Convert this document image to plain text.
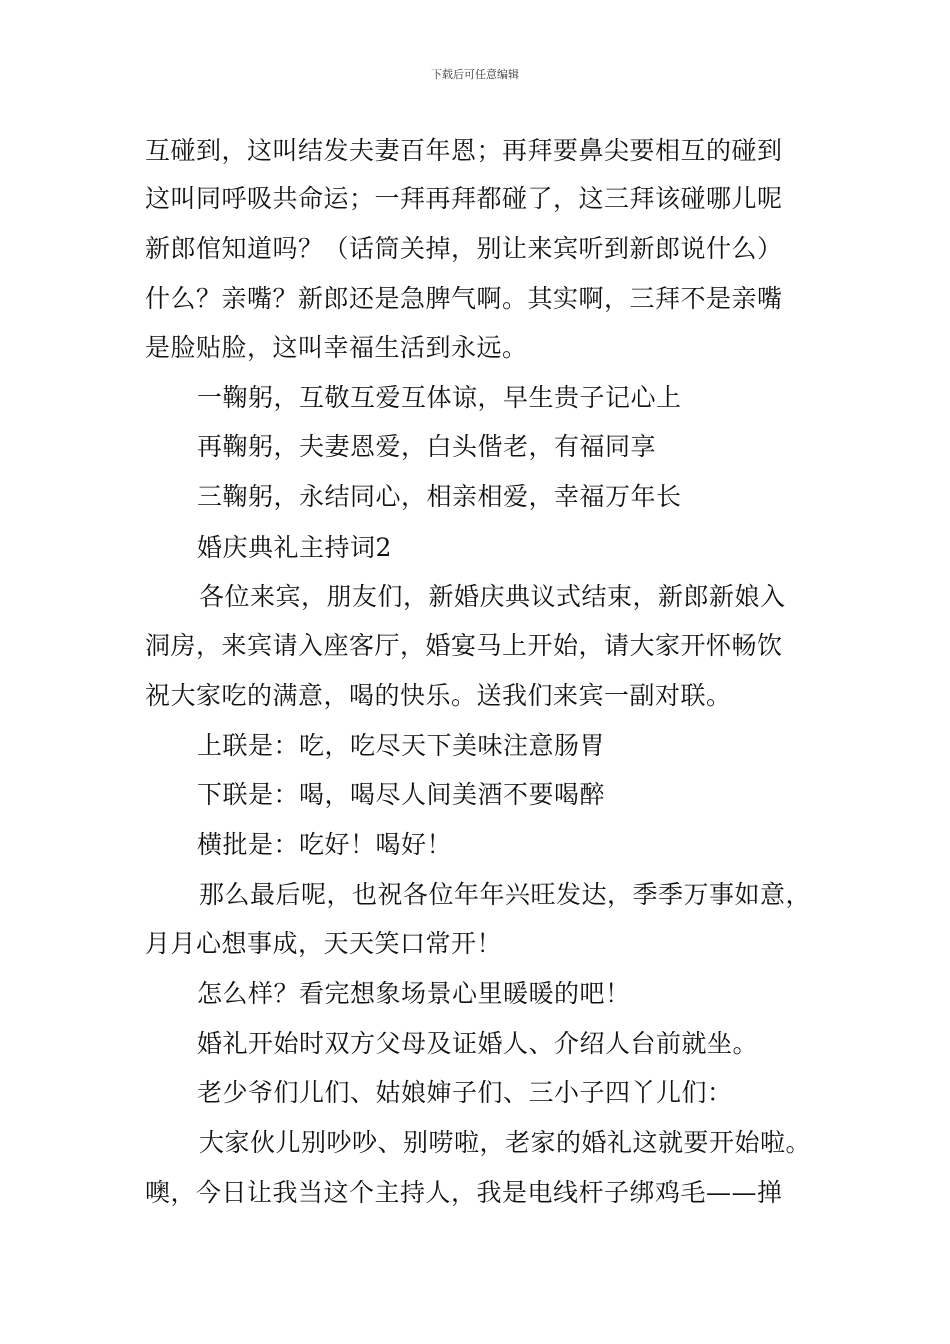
下载后可任意编辑
互碰到，这叫结发夫妻百年恩；再拜要鼻尖要相互的碰到
这叫同呼吸共命运；一拜再拜都碰了，这三拜该碰哪儿呢
新郎倌知道吗？（话筒关掉，别让来宾听到新郎说什么）
什么？亲嘴？新郎还是急脾气啊。其实啊，三拜不是亲嘴
是脸贴脸，这叫幸福生活到永远。
一鞠躬，互敬互爱互体谅，早生贵子记心上
再鞠躬，夫妻恩爱，白头偕老，有福同享
三鞠躬，永结同心，相亲相爱，幸福万年长
婚庆典礼主持词2
各位来宾，朋友们，新婚庆典议式结束，新郎新娘入
洞房，来宾请入座客厅，婚宴马上开始，请大家开怀畅饮
祝大家吃的满意，喝的快乐。送我们来宾一副对联。
上联是：吃，吃尽天下美味注意肠胃
下联是：喝，喝尽人间美酒不要喝醉
横批是：吃好！喝好！
那么最后呢，也祝各位年年兴旺发达，季季万事如意，
月月心想事成，天天笑口常开！
怎么样？看完想象场景心里暖暖的吧！
婚礼开始时双方父母及证婚人、介绍人台前就坐。
老少爷们儿们、姑娘婶子们、三小子四丫儿们：
大家伙儿别吵吵、别唠啦，老家的婚礼这就要开始啦。
噢，今日让我当这个主持人，我是电线杆子绑鸡毛——掸
